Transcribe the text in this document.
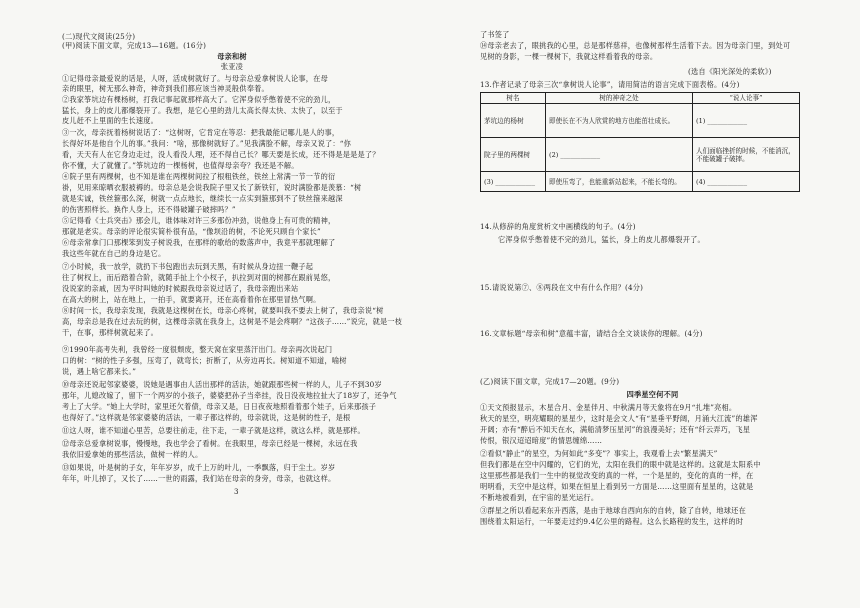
(二)现代文阅读(25分)
(甲)阅读下面文章，完成13—16题。(16分)
母亲和树
张亚凌
①记得母亲最爱说的话是，人呀，活成树就好了。与母亲总爱拿树说人论事，在母
亲的眼里，树无那么神奇，神奇到我们都应该当神灵般供奉着。
②我家筝坑边有棵杨树，打我记事起就那样高大了。它浑身似乎憋着使不完的劲儿，
猛长，身上的皮儿都爆裂开了。我想，是它心里的劲儿太高长得太快、太快了，以至于
皮儿赶不上里面的生长速度。
③一次，母亲抚着杨树说话了：“这树呀，它肯定在等忍：把我最能记哪儿是人的事，
长得好坏是他自个儿的事。”我问：“啥，那像树就好了。”见我满脸不解，母亲又说了：“你
看，天天有人在它身边走过，没人看没人理，还不得自己长？哪天要是长成，还不得是是是是了？
你不懂，大了就懂了。”筝坑边的一棵杨树，也值得母亲夸？我还是不解。
④院子里有两棵树，也不知是谁在两棵树间拉了根粗铁丝，铁丝上常满一节一节的衍
褂，见用来晾晒衣服被褥的。母亲总是会说我院子里又长了新铁钉，说时满脸都是羡慕：“树
就是实诚，铁丝箍那么深，树就一点点地长，继续长一点实到箍那到不了铁丝箍来越深
的伤害照样长。换作人身上，还不得破罐子破摔吗？”
⑤记得看《士兵突击》那会儿，谁体味对许三多那份冲劲，说他身上有可贵的精神，
那就是老实。母亲的评论很实简朴很有品，“像坝沿的树，不论死只顾自个家长”
⑥母亲常拿门口那棵笨到发子树说我，在那样的歌给的数落声中，我竟平那就理解了
我这些年就在自己的身边是它。
⑦小时候，我一放学，就扔下书包跑出去玩到天黑，有时候从身边扭一鞭子起
往了树杈上，而后踏着合阶，就随手扯上个小杈子，扒拉到对面的树都在跟前晃悠，
没说家的亲戚，因为平时叫她的时候跟我母亲说过话了，我母亲跑出来站
在高大的树上，站在地上，一拍手，就要离开，还在高看着你在那里冒热气啊。
⑧时间一长，我母亲发现，我就是这棵树在长，母亲心疼树，就要叫我不要去上树了，我母亲说“树
高，母亲总是我在过去玩的树，这棵母亲就在我身上，这树是不是会疼啊？“这孩子……”说完，就是一枝
干，在事，那样树就起来了。
⑨1990年高考失利，我曾经一度很颓废，整天窝在家里蒸汗出门。母亲再次说起门
口的树：“树的性子多强，压弯了，就弯长；折断了，从旁边再长。树知道不知道，喻树
说，遇上啥它都来长。”
⑩母亲还说起邻家婆婆，说她是遇事由人活出那样的活法，她就跟那些树一样的人，儿子不到30岁
那年，儿媳改嫁了，留下一个两岁的小孩子，婆婆把孙子当牵挂，没日没夜地拉扯大了18岁了，还争气
考上了大学。“她上大学时，家里还欠着债，母亲又是，日日夜夜地照看着那个娃子，后来那孩子
也得好了。”这样就是邻家婆婆的活法，一辈子都这样的，母亲就说，这是树的性子，是根
⑪这人呀，谁不知道心里苦，总要往前走，往下走，一辈子就是这样，就这么样，就是那样。
⑫母亲总爱拿树说事，慢慢地，我也学会了看树。在我眼里，母亲已经是一棵树，永远在我
我依旧爱拿她的那些活法，做树一样的人。
⑬如果说，叶是树的子女，年年岁岁，成千上万的叶儿，一季飘落，归于尘土。岁岁
年年，叶儿掉了，又长了……一世的雨露，我们站在母亲的身旁，母亲，也就这样。
3
了书签了
⑭母亲老去了，眼挑我的心里，总是那样慈祥，也像树那样生活着下去。因为母亲门里，到处可
见树的身影，一棵一棵树下，我就这样看着我的母亲。
(选自《阳光深处的柔软》)
13.作者记录了母亲三次“拿树说人论事”，请用简洁的语言完成下面表格。(4分)
树名	树的神奇之处	“说人论事”
茅坑边的杨树	即使长在不为人欣赏的地方也能茁壮成长。	(1) ____________
院子里的两棵树	(2) ____________	人们面临挫折的时候，不能消沉，不能破罐子破摔。
(3) ____________	即使压弯了，也能重新站起来，不能长弯的。	(4) ____________
14.从修辞的角度赏析文中画横线的句子。(4分)
它浑身似乎憋着使不完的劲儿，猛长，身上的皮儿都爆裂开了。
15.请说说第⑦、⑧两段在文中有什么作用？(4分)
16.文章标题“母亲和树”意蕴丰富，请结合全文谈谈你的理解。(4分)
(乙)阅读下面文章，完成17—20题。(9分)
四季星空何不同
①天文预报显示，木星合月、金星伴月、中秋满月等天象将在9月“扎堆”亮相。
秋天的星空，明亮耀眼的星星少，这时是会文人“有“星垂平野阔，月涌大江流”的雄浑
开阔；亦有“醉后不知天在水，满船清梦压星河”的浪漫美好；还有“纤云弄巧，飞星
传恨，银汉迢迢暗度”的情思缠绵……
②看似“静止”的星空，为何如此“多变”？事实上，我观看上去“繁星满天”
但我们都是在空中闪耀的，它们的光，太阳在我们的眼中就是这样的。这就是太阳系中
这里那些都是我们一生中的视觉改变的真的一样，一个是星的，变化的真的一样，在
明明看，天空中是这样，如果在恒星上看到另一方面是……这里面有星星的，这就是
不断地被看到，在宇宙的星光运行。
③群星之所以看起来东升西落，是由于地球自西向东的自转，除了自转，地球还在
围绕着太阳运行，一年要走过约9.4亿公里的路程。这么长路程的发生，这样的时
